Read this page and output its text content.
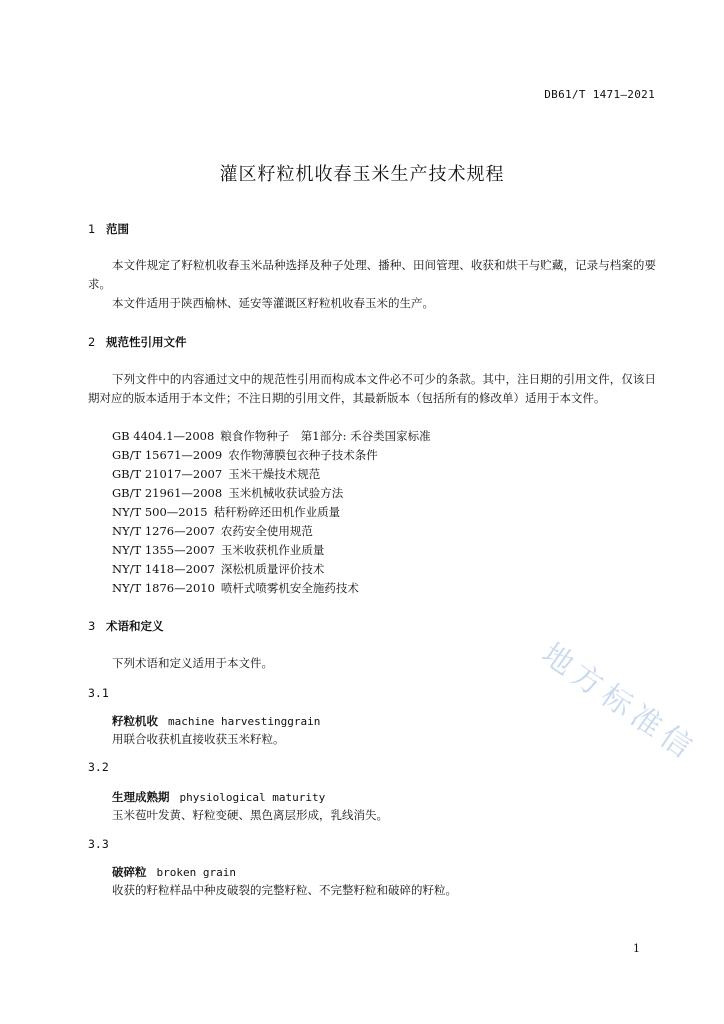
DB61/T 1471—2021
灌区籽粒机收春玉米生产技术规程
1 范围
本文件规定了籽粒机收春玉米品种选择及种子处理、播种、田间管理、收获和烘干与贮藏，记录与档案的要求。
本文件适用于陕西榆林、延安等灌溉区籽粒机收春玉米的生产。
2 规范性引用文件
下列文件中的内容通过文中的规范性引用而构成本文件必不可少的条款。其中，注日期的引用文件，仅该日期对应的版本适用于本文件；不注日期的引用文件，其最新版本（包括所有的修改单）适用于本文件。
GB 4404.1—2008 粮食作物种子　第1部分: 禾谷类国家标准
GB/T 15671—2009 农作物薄膜包衣种子技术条件
GB/T 21017—2007 玉米干燥技术规范
GB/T 21961—2008 玉米机械收获试验方法
NY/T 500—2015 秸秆粉碎还田机作业质量
NY/T 1276—2007 农药安全使用规范
NY/T 1355—2007 玉米收获机作业质量
NY/T 1418—2007 深松机质量评价技术
NY/T 1876—2010 喷杆式喷雾机安全施药技术
3 术语和定义
下列术语和定义适用于本文件。
3.1
籽粒机收 machine harvestinggrain
用联合收获机直接收获玉米籽粒。
3.2
生理成熟期 physiological maturity
玉米苞叶发黄、籽粒变硬、黑色离层形成，乳线消失。
3.3
破碎粒 broken grain
收获的籽粒样品中种皮破裂的完整籽粒、不完整籽粒和破碎的籽粒。
1
地方标准信
